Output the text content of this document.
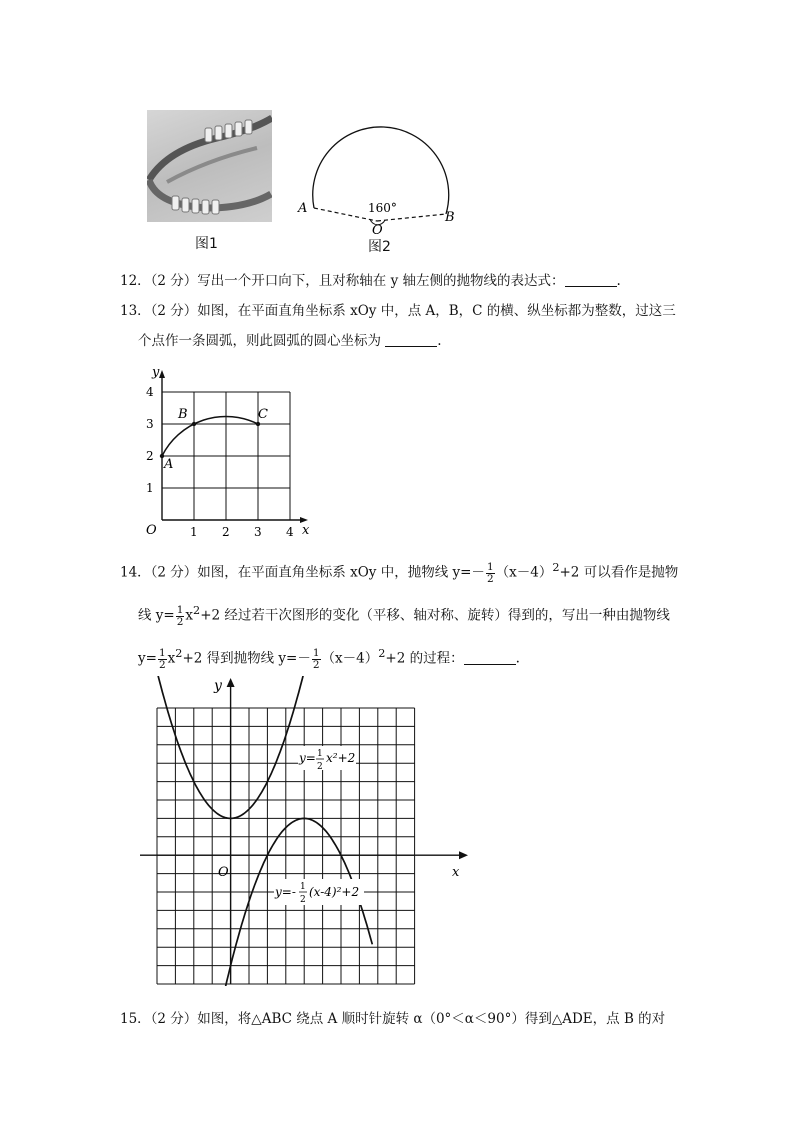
图1
160°
A
B
O
图2
12．（2 分）写出一个开口向下，且对称轴在 y 轴左侧的抛物线的表达式：	.
13．（2 分）如图，在平面直角坐标系 xOy 中，点 A，B，C 的横、纵坐标都为整数，过这三
个点作一条圆弧，则此圆弧的圆心坐标为	.
y
x
O	1 2 3 4
1
2
3
4
A
B	C
14．（2 分）如图，在平面直角坐标系 xOy 中，抛物线 $y=- \frac{1}{2} (x-4)^2+2$ 可以看作是抛物
线 $y= \frac{1}{2} x^2+2$ 经过若干次图形的变化（平移、轴对称、旋转）得到的，写出一种由抛物线
$y= \frac{1}{2} x^2+2$ 得到抛物线 $y=- \frac{1}{2} (x-4)^2+2$ 的过程：	.
y
x
O
y= 1
2
x²+2
y=- 1
2
(x-4)²+2
15．（2 分）如图，将△ABC 绕点 A 顺时针旋转 α（0°＜α＜90°）得到△ADE，点 B 的对
